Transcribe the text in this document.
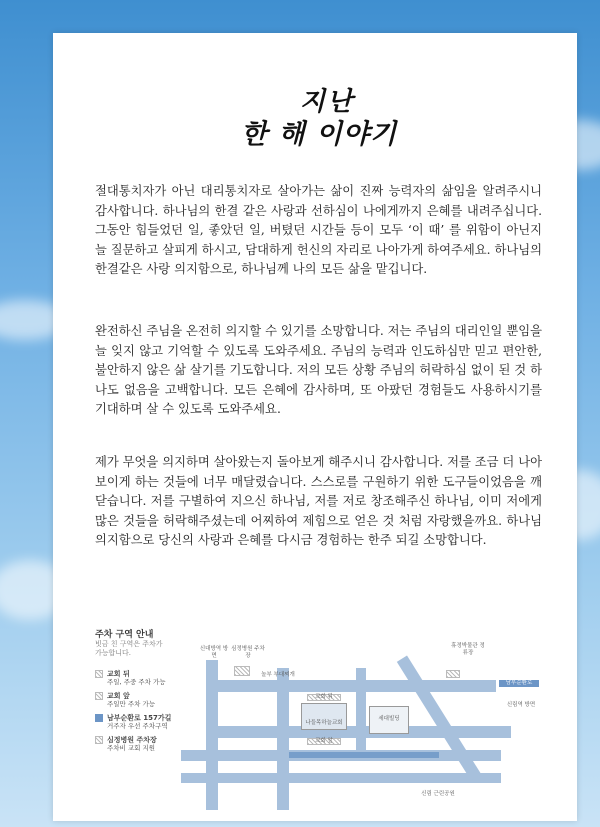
지난
한 해 이야기

절대통치자가 아닌 대리통치자로 살아가는 삶이 진짜 능력자의 삶임을 알려주시니 감사합니다. 하나님의 한결 같은 사랑과 선하심이 나에게까지 은혜를 내려주십니다. 그동안 힘들었던 일, 좋았던 일, 버텼던 시간들 등이 모두 ‘이 때’ 를 위함이 아닌지 늘 질문하고 살피게 하시고, 담대하게 헌신의 자리로 나아가게 하여주세요. 하나님의 한결같은 사랑 의지함으로, 하나님께 나의 모든 삶을 맡깁니다.

완전하신 주님을 온전히 의지할 수 있기를 소망합니다. 저는 주님의 대리인일 뿐임을 늘 잊지 않고 기억할 수 있도록 도와주세요. 주님의 능력과 인도하심만 믿고 편안한, 불안하지 않은 삶 살기를 기도합니다. 저의 모든 상황 주님의 허락하심 없이 된 것 하나도 없음을 고백합니다. 모든 은혜에 감사하며, 또 아팠던 경험들도 사용하시기를 기대하며 살 수 있도록 도와주세요.

제가 무엇을 의지하며 살아왔는지 돌아보게 해주시니 감사합니다. 저를 조금 더 나아 보이게 하는 것들에 너무 매달렸습니다. 스스로를 구원하기 위한 도구들이었음을 깨닫습니다. 저를 구별하여 지으신 하나님, 저를 저로 창조해주신 하나님, 이미 저에게 많은 것들을 허락해주셨는데 어찌하여 제힘으로 얻은 것 처럼 자랑했을까요. 하나님 의지함으로 당신의 사랑과 은혜를 다시금 경험하는 한주 되길 소망합니다.

주차 구역 안내
빗금 친 구역은 주차가 가능합니다.
교회 뒤
주일, 주중 주차 가능
교회 앞
주일만 주차 가능
남부순환로 157가길
거주자 우선 주차구역
심정병원 주차장
주차비 교회 지원
신대방역 방면
심정병원 주차장
놀부 부대찌개
휴정박물관 정류장
남부순환로
신림역 방면
교회 뒤
나들목하늘교회
세대빌딩
교회 앞
신림 근린공원
